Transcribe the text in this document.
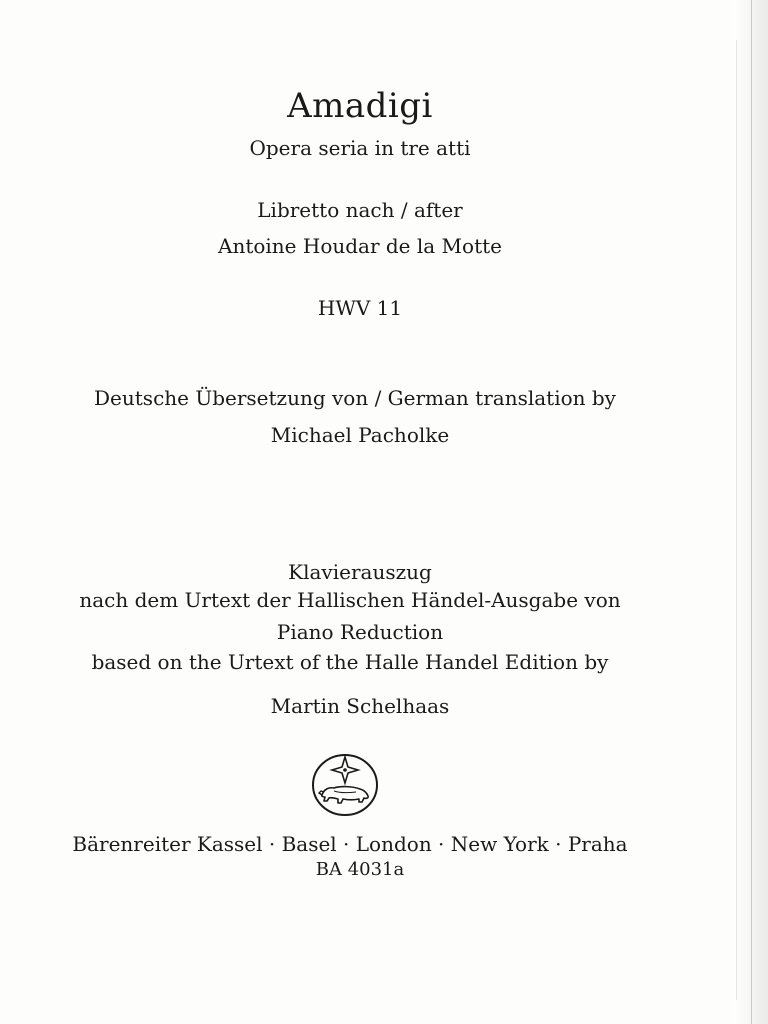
Amadigi
Opera seria in tre atti
Libretto nach / after
Antoine Houdar de la Motte
HWV 11
Deutsche Übersetzung von / German translation by
Michael Pacholke
Klavierauszug
nach dem Urtext der Hallischen Händel-Ausgabe von
Piano Reduction
based on the Urtext of the Halle Handel Edition by
Martin Schelhaas
Bärenreiter Kassel · Basel · London · New York · Praha
BA 4031a
